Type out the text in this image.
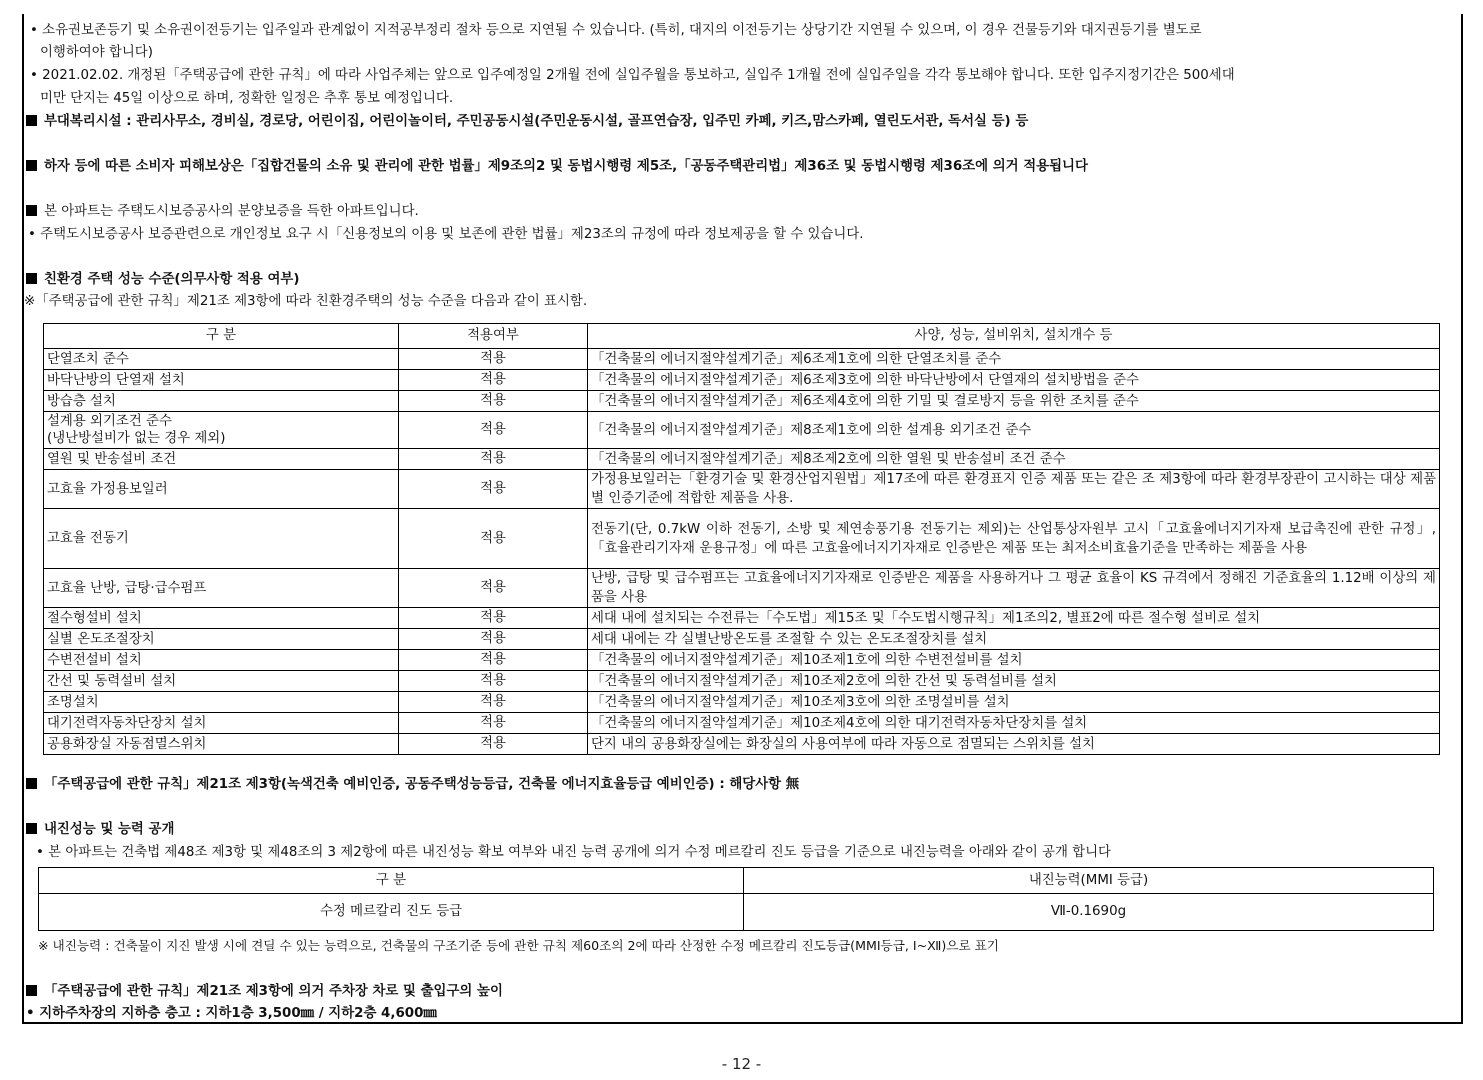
• 소유권보존등기 및 소유권이전등기는 입주일과 관계없이 지적공부정리 절차 등으로 지연될 수 있습니다. (특히, 대지의 이전등기는 상당기간 지연될 수 있으며, 이 경우 건물등기와 대지권등기를 별도로
이행하여야 합니다)
• 2021.02.02. 개정된「주택공급에 관한 규칙」에 따라 사업주체는 앞으로 입주예정일 2개월 전에 실입주월을 통보하고, 실입주 1개월 전에 실입주일을 각각 통보해야 합니다. 또한 입주지정기간은 500세대
미만 단지는 45일 이상으로 하며, 정확한 일정은 추후 통보 예정입니다.
부대복리시설 : 관리사무소, 경비실, 경로당, 어린이집, 어린이놀이터, 주민공동시설(주민운동시설, 골프연습장, 입주민 카페, 키즈,맘스카페, 열린도서관, 독서실 등) 등
하자 등에 따른 소비자 피해보상은「집합건물의 소유 및 관리에 관한 법률」제9조의2 및 동법시행령 제5조,「공동주택관리법」제36조 및 동법시행령 제36조에 의거 적용됩니다
본 아파트는 주택도시보증공사의 분양보증을 득한 아파트입니다.
• 주택도시보증공사 보증관련으로 개인정보 요구 시「신용정보의 이용 및 보존에 관한 법률」제23조의 규정에 따라 정보제공을 할 수 있습니다.
친환경 주택 성능 수준(의무사항 적용 여부)
※「주택공급에 관한 규칙」제21조 제3항에 따라 친환경주택의 성능 수준을 다음과 같이 표시함.
구 분	적용여부	사양, 성능, 설비위치, 설치개수 등
단열조치 준수	적용	「건축물의 에너지절약설계기준」제6조제1호에 의한 단열조치를 준수
바닥난방의 단열재 설치	적용	「건축물의 에너지절약설계기준」제6조제3호에 의한 바닥난방에서 단열재의 설치방법을 준수
방습층 설치	적용	「건축물의 에너지절약설계기준」제6조제4호에 의한 기밀 및 결로방지 등을 위한 조치를 준수
설계용 외기조건 준수
(냉난방설비가 없는 경우 제외)	적용	「건축물의 에너지절약설계기준」제8조제1호에 의한 설계용 외기조건 준수
열원 및 반송설비 조건	적용	「건축물의 에너지절약설계기준」제8조제2호에 의한 열원 및 반송설비 조건 준수
고효율 가정용보일러	적용	가정용보일러는「환경기술 및 환경산업지원법」제17조에 따른 환경표지 인증 제품 또는 같은 조 제3항에 따라 환경부장관이 고시하는 대상 제품별 인증기준에 적합한 제품을 사용.
고효율 전동기	적용	전동기(단, 0.7kW 이하 전동기, 소방 및 제연송풍기용 전동기는 제외)는 산업통상자원부 고시「고효율에너지기자재 보급촉진에 관한 규정」,「효율관리기자재 운용규정」에 따른 고효율에너지기자재로 인증받은 제품 또는 최저소비효율기준을 만족하는 제품을 사용
고효율 난방, 급탕·급수펌프	적용	난방, 급탕 및 급수펌프는 고효율에너지기자재로 인증받은 제품을 사용하거나 그 평균 효율이 KS 규격에서 정해진 기준효율의 1.12배 이상의 제품을 사용
절수형설비 설치	적용	세대 내에 설치되는 수전류는「수도법」제15조 및「수도법시행규칙」제1조의2, 별표2에 따른 절수형 설비로 설치
실별 온도조절장치	적용	세대 내에는 각 실별난방온도를 조절할 수 있는 온도조절장치를 설치
수변전설비 설치	적용	「건축물의 에너지절약설계기준」제10조제1호에 의한 수변전설비를 설치
간선 및 동력설비 설치	적용	「건축물의 에너지절약설계기준」제10조제2호에 의한 간선 및 동력설비를 설치
조명설치	적용	「건축물의 에너지절약설계기준」제10조제3호에 의한 조명설비를 설치
대기전력자동차단장치 설치	적용	「건축물의 에너지절약설계기준」제10조제4호에 의한 대기전력자동차단장치를 설치
공용화장실 자동점멸스위치	적용	단지 내의 공용화장실에는 화장실의 사용여부에 따라 자동으로 점멸되는 스위치를 설치
「주택공급에 관한 규칙」제21조 제3항(녹색건축 예비인증, 공동주택성능등급, 건축물 에너지효율등급 예비인증) : 해당사항 無
내진성능 및 능력 공개
• 본 아파트는 건축법 제48조 제3항 및 제48조의 3 제2항에 따른 내진성능 확보 여부와 내진 능력 공개에 의거 수정 메르칼리 진도 등급을 기준으로 내진능력을 아래와 같이 공개 합니다
구 분	내진능력(MMI 등급)
수정 메르칼리 진도 등급	Ⅶ-0.1690g
※ 내진능력 : 건축물이 지진 발생 시에 견딜 수 있는 능력으로, 건축물의 구조기준 등에 관한 규칙 제60조의 2에 따라 산정한 수정 메르칼리 진도등급(MMI등급, Ⅰ~Ⅻ)으로 표기
「주택공급에 관한 규칙」제21조 제3항에 의거 주차장 차로 및 출입구의 높이
• 지하주차장의 지하층 층고 : 지하1층 3,500㎜ / 지하2층 4,600㎜
- 12 -
